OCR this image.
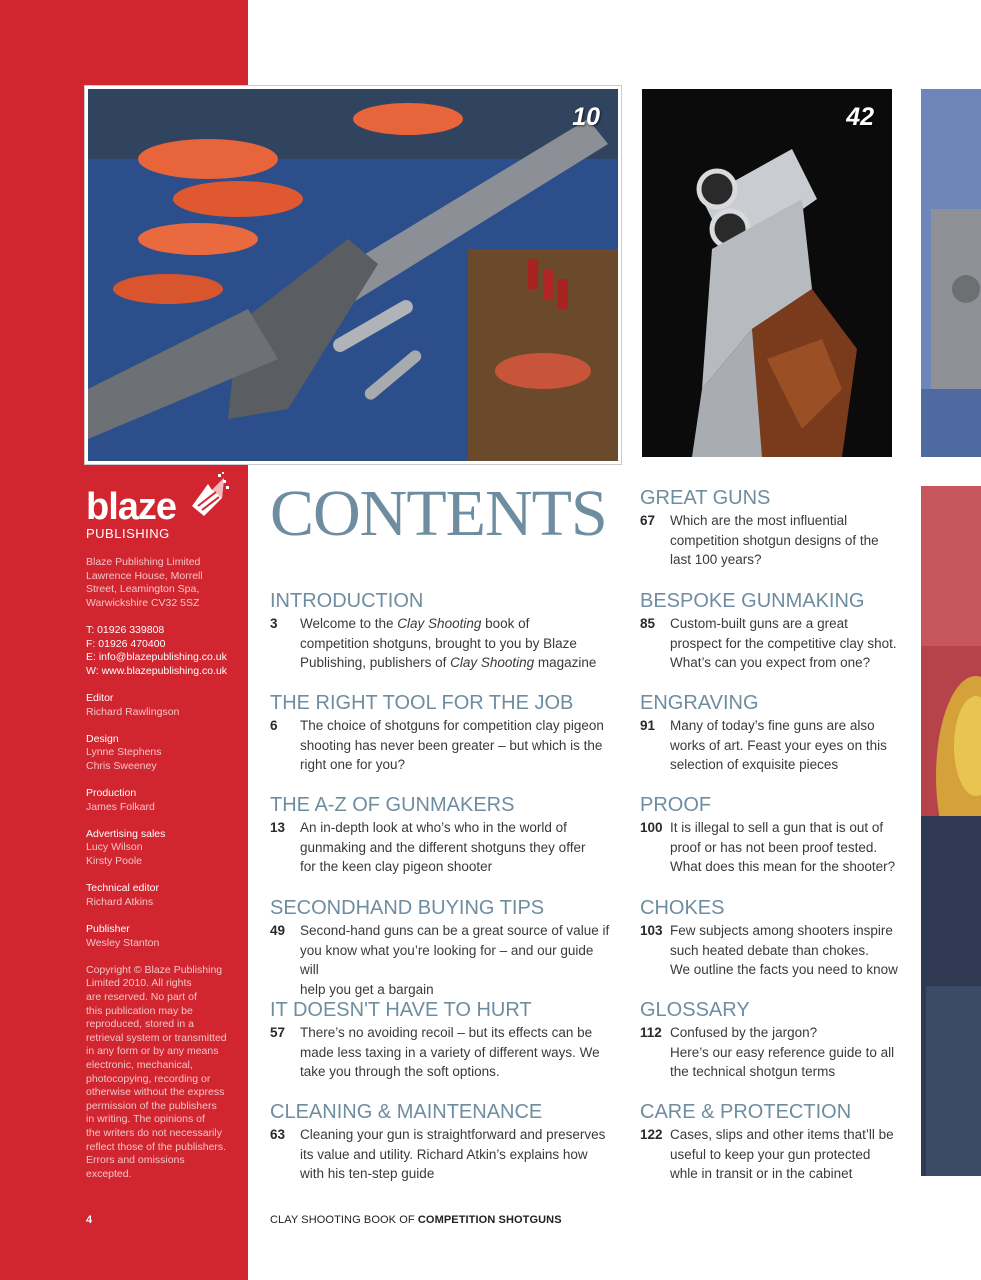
blaze
PUBLISHING
Blaze Publishing Limited
Lawrence House, Morrell
Street, Leamington Spa,
Warwickshire CV32 5SZ
T: 01926 339808
F: 01926 470400
E: info@blazepublishing.co.uk
W: www.blazepublishing.co.uk
Editor
Richard Rawlingson
Design
Lynne Stephens
Chris Sweeney
Production
James Folkard
Advertising sales
Lucy Wilson
Kirsty Poole
Technical editor
Richard Atkins
Publisher
Wesley Stanton
Copyright © Blaze Publishing
Limited 2010. All rights
are reserved. No part of
this publication may be
reproduced, stored in a
retrieval system or transmitted
in any form or by any means
electronic, mechanical,
photocopying, recording or
otherwise without the express
permission of the publishers
in writing. The opinions of
the writers do not necessarily
reflect those of the publishers.
Errors and omissions
excepted.
4
10	42
CONTENTS
INTRODUCTION
3	Welcome to the Clay Shooting book of
competition shotguns, brought to you by Blaze
Publishing, publishers of Clay Shooting magazine
THE RIGHT TOOL FOR THE JOB
6	The choice of shotguns for competition clay pigeon
shooting has never been greater – but which is the
right one for you?
THE A-Z OF GUNMAKERS
13	An in-depth look at who’s who in the world of
gunmaking and the different shotguns they offer
for the keen clay pigeon shooter
SECONDHAND BUYING TIPS
49	Second-hand guns can be a great source of value if
you know what you’re looking for – and our guide will
help you get a bargain
IT DOESN'T HAVE TO HURT
57	There’s no avoiding recoil – but its effects can be
made less taxing in a variety of different ways. We
take you through the soft options.
CLEANING & MAINTENANCE
63	Cleaning your gun is straightforward and preserves
its value and utility. Richard Atkin’s explains how
with his ten-step guide
GREAT GUNS
67	Which are the most influential
competition shotgun designs of the
last 100 years?
BESPOKE GUNMAKING
85	Custom-built guns are a great
prospect for the competitive clay shot.
What’s can you expect from one?
ENGRAVING
91	Many of today’s fine guns are also
works of art. Feast your eyes on this
selection of exquisite pieces
PROOF
100 It is illegal to sell a gun that is out of
proof or has not been proof tested.
What does this mean for the shooter?
CHOKES
103 Few subjects among shooters inspire
such heated debate than chokes.
We outline the facts you need to know
GLOSSARY
112 Confused by the jargon?
Here’s our easy reference guide to all
the technical shotgun terms
CARE & PROTECTION
122 Cases, slips and other items that’ll be
useful to keep your gun protected
whle in transit or in the cabinet
CLAY SHOOTING BOOK OF COMPETITION SHOTGUNS
